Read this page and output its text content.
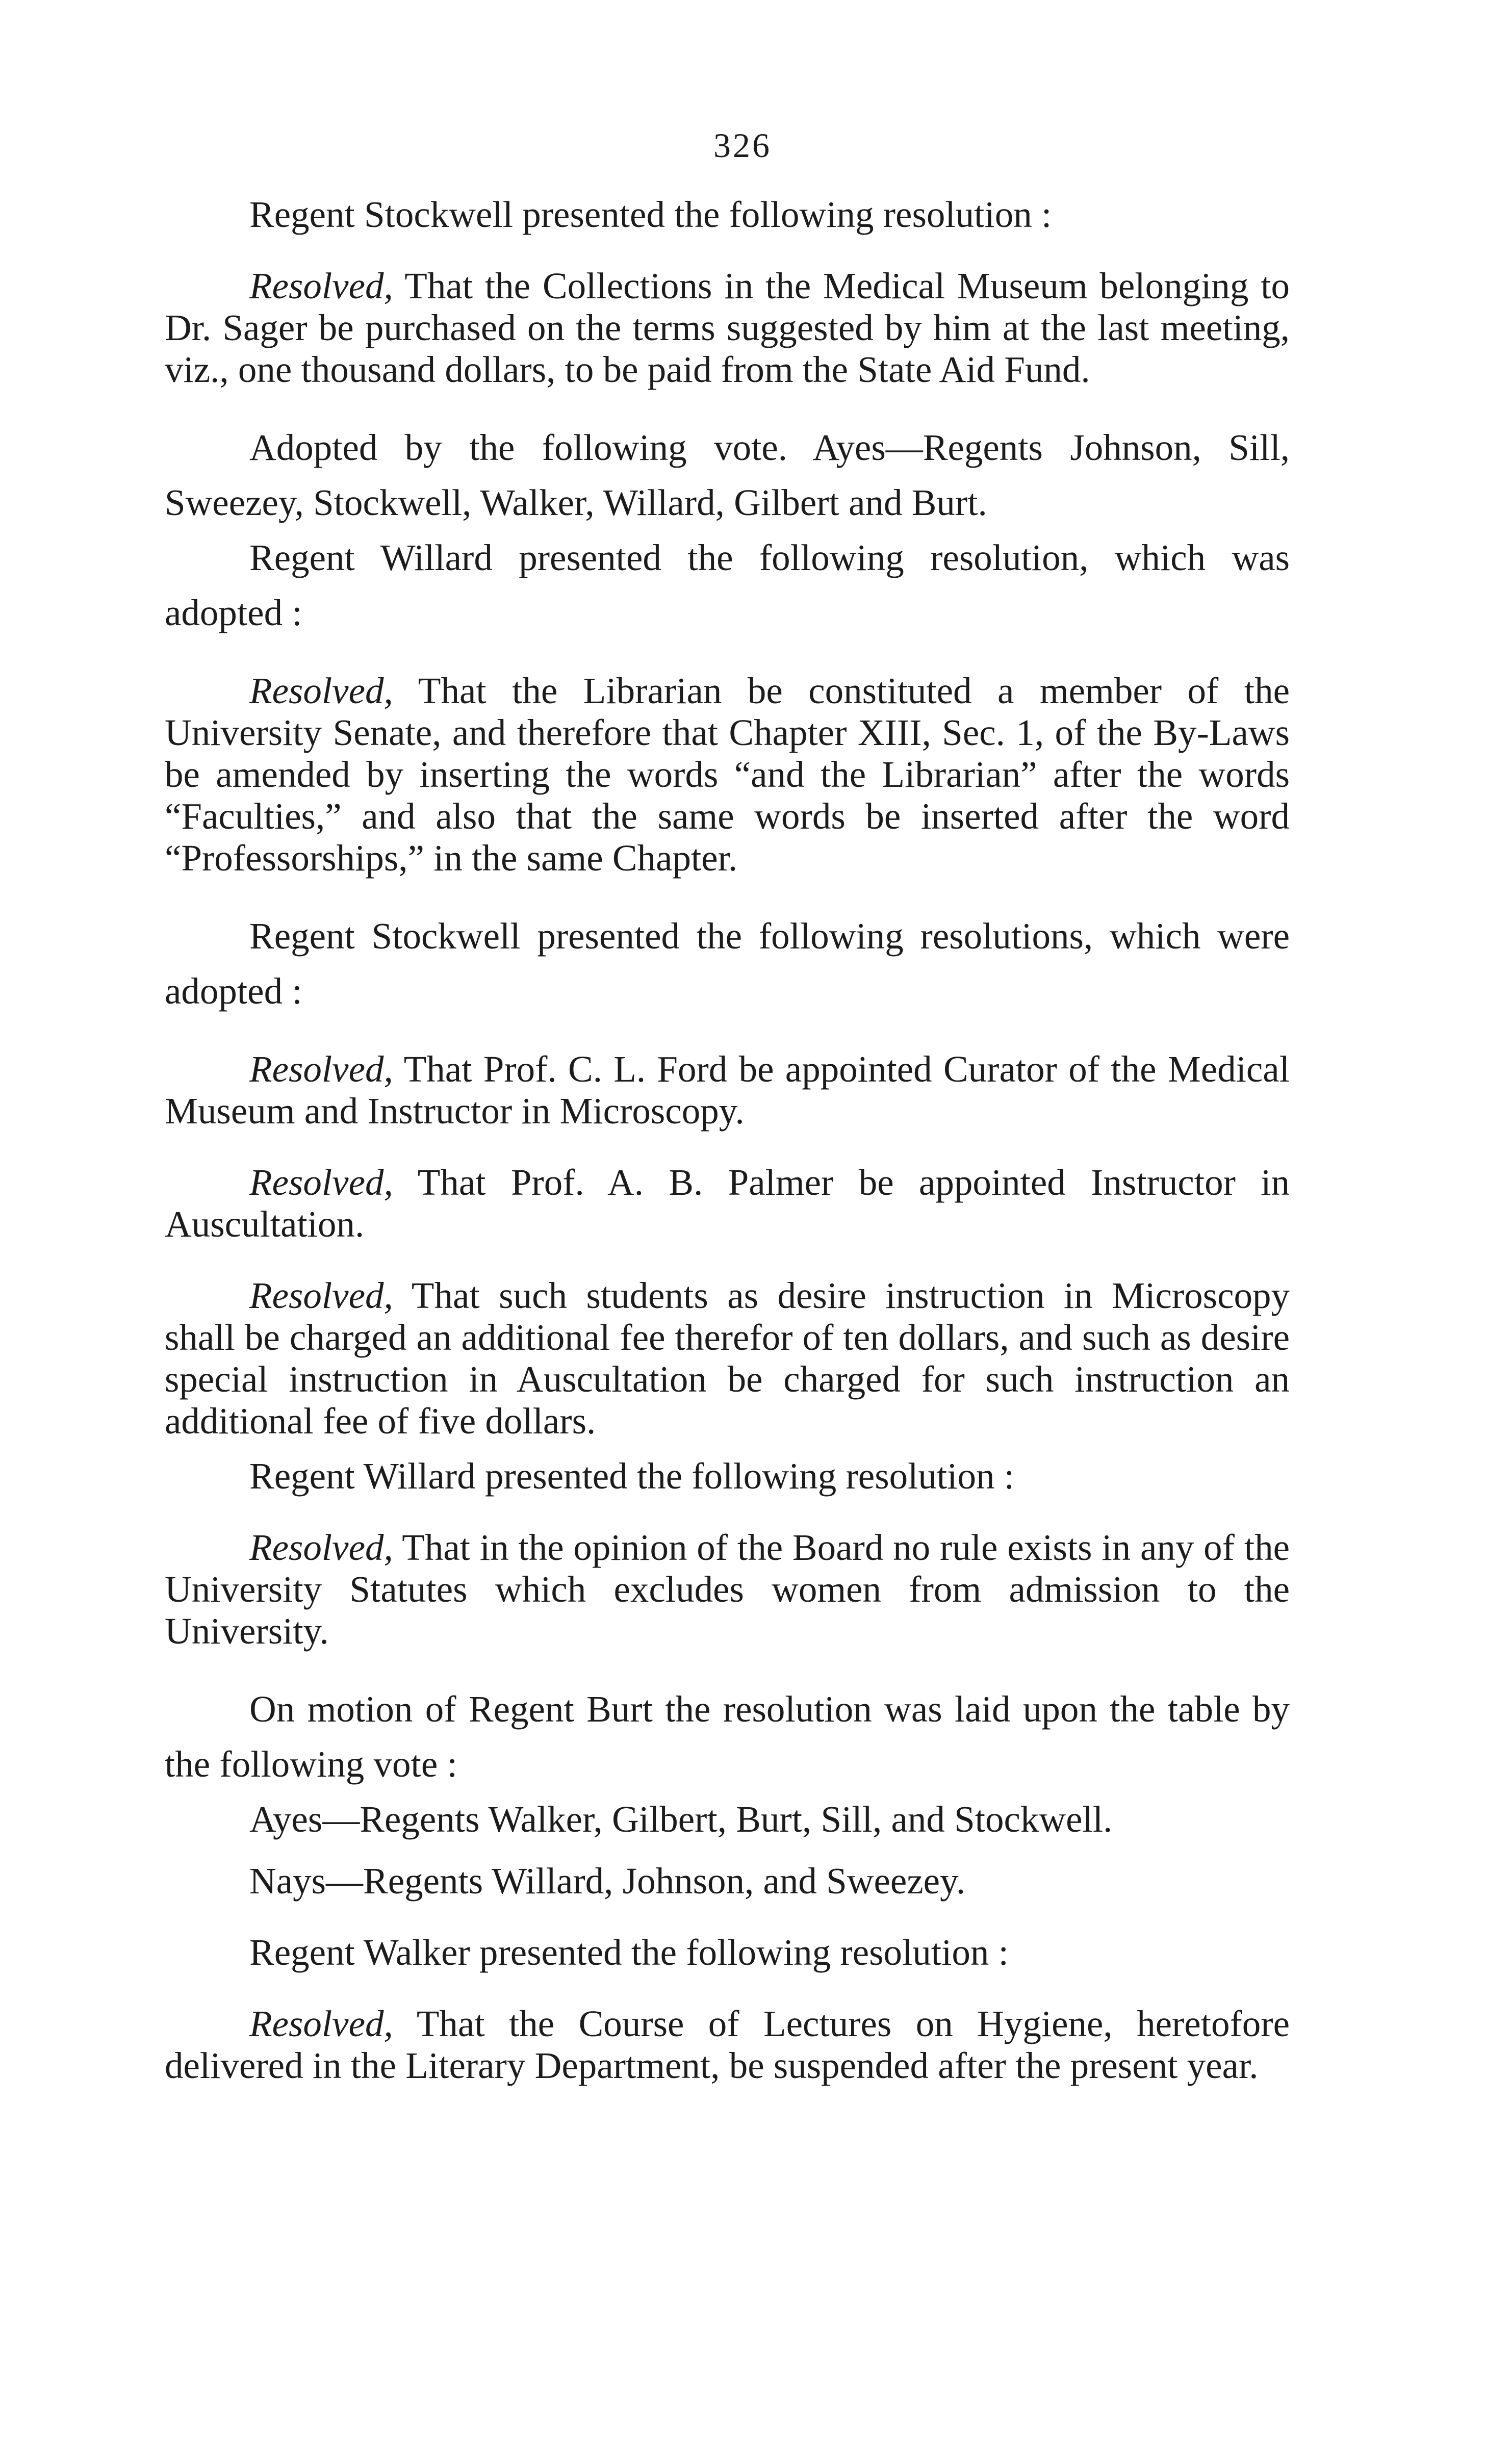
326

Regent Stockwell presented the following resolution :

Resolved, That the Collections in the Medical Museum belonging to Dr. Sager be purchased on the terms suggested by him at the last meeting, viz., one thousand dollars, to be paid from the State Aid Fund.

Adopted by the following vote. Ayes—Regents Johnson, Sill, Sweezey, Stockwell, Walker, Willard, Gilbert and Burt.

Regent Willard presented the following resolution, which was adopted :

Resolved, That the Librarian be constituted a member of the University Senate, and therefore that Chapter XIII, Sec. 1, of the By-Laws be amended by inserting the words “and the Librarian” after the words “Faculties,” and also that the same words be inserted after the word “Professorships,” in the same Chapter.

Regent Stockwell presented the following resolutions, which were adopted :

Resolved, That Prof. C. L. Ford be appointed Curator of the Medical Museum and Instructor in Microscopy.

Resolved, That Prof. A. B. Palmer be appointed Instructor in Auscultation.

Resolved, That such students as desire instruction in Microscopy shall be charged an additional fee therefor of ten dollars, and such as desire special instruction in Auscultation be charged for such instruction an additional fee of five dollars.

Regent Willard presented the following resolution :

Resolved, That in the opinion of the Board no rule exists in any of the University Statutes which excludes women from admission to the University.

On motion of Regent Burt the resolution was laid upon the table by the following vote :

Ayes—Regents Walker, Gilbert, Burt, Sill, and Stockwell.

Nays—Regents Willard, Johnson, and Sweezey.

Regent Walker presented the following resolution :

Resolved, That the Course of Lectures on Hygiene, heretofore delivered in the Literary Department, be suspended after the present year.
